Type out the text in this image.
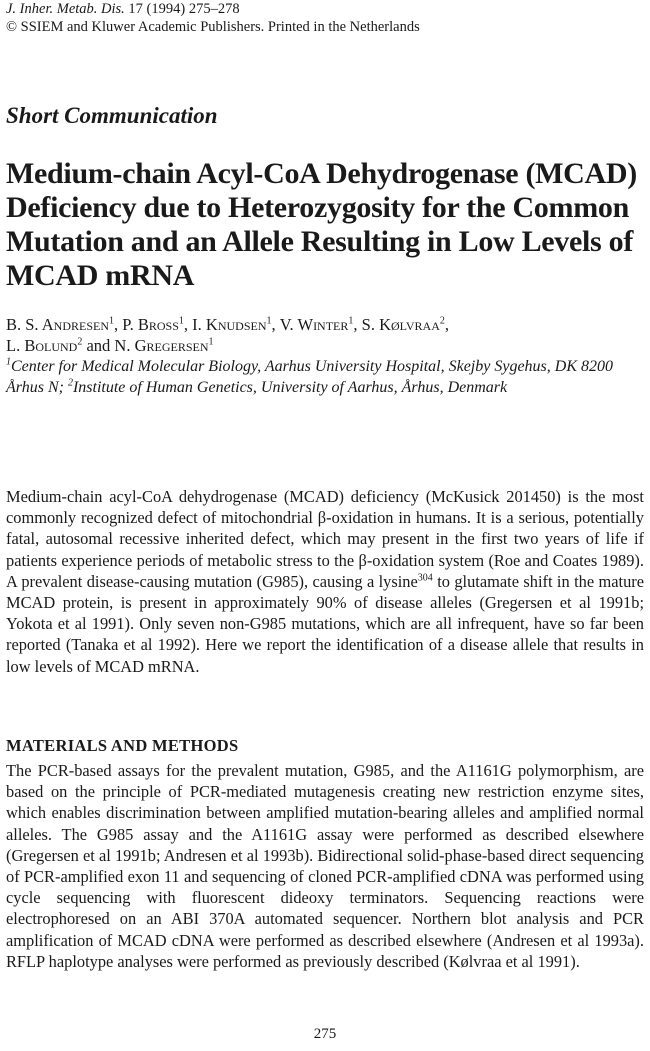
J. Inher. Metab. Dis. 17 (1994) 275–278
© SSIEM and Kluwer Academic Publishers. Printed in the Netherlands
Short Communication
Medium-chain Acyl-CoA Dehydrogenase (MCAD) Deficiency due to Heterozygosity for the Common Mutation and an Allele Resulting in Low Levels of MCAD mRNA
B. S. Andresen$^1$, P. Bross$^1$, I. Knudsen$^1$, V. Winter$^1$, S. Kølvraa$^2$,
L. Bolund$^2$ and N. Gregersen$^1$
$^1$Center for Medical Molecular Biology, Aarhus University Hospital, Skejby Sygehus, DK 8200 Århus N; $^2$Institute of Human Genetics, University of Aarhus, Århus, Denmark
Medium-chain acyl-CoA dehydrogenase (MCAD) deficiency (McKusick 201450) is the most commonly recognized defect of mitochondrial β-oxidation in humans. It is a serious, potentially fatal, autosomal recessive inherited defect, which may present in the first two years of life if patients experience periods of metabolic stress to the β-oxidation system (Roe and Coates 1989). A prevalent disease-causing mutation (G985), causing a lysine$^{304}$ to glutamate shift in the mature MCAD protein, is present in approximately 90% of disease alleles (Gregersen et al 1991b; Yokota et al 1991). Only seven non-G985 mutations, which are all infrequent, have so far been reported (Tanaka et al 1992). Here we report the identification of a disease allele that results in low levels of MCAD mRNA.
MATERIALS AND METHODS
The PCR-based assays for the prevalent mutation, G985, and the A1161G polymorphism, are based on the principle of PCR-mediated mutagenesis creating new restriction enzyme sites, which enables discrimination between amplified mutation-bearing alleles and amplified normal alleles. The G985 assay and the A1161G assay were performed as described elsewhere (Gregersen et al 1991b; Andresen et al 1993b). Bidirectional solid-phase-based direct sequencing of PCR-amplified exon 11 and sequencing of cloned PCR-amplified cDNA was performed using cycle sequencing with fluorescent dideoxy terminators. Sequencing reactions were electrophoresed on an ABI 370A automated sequencer. Northern blot analysis and PCR amplification of MCAD cDNA were performed as described elsewhere (Andresen et al 1993a). RFLP haplotype analyses were performed as previously described (Kølvraa et al 1991).
275
